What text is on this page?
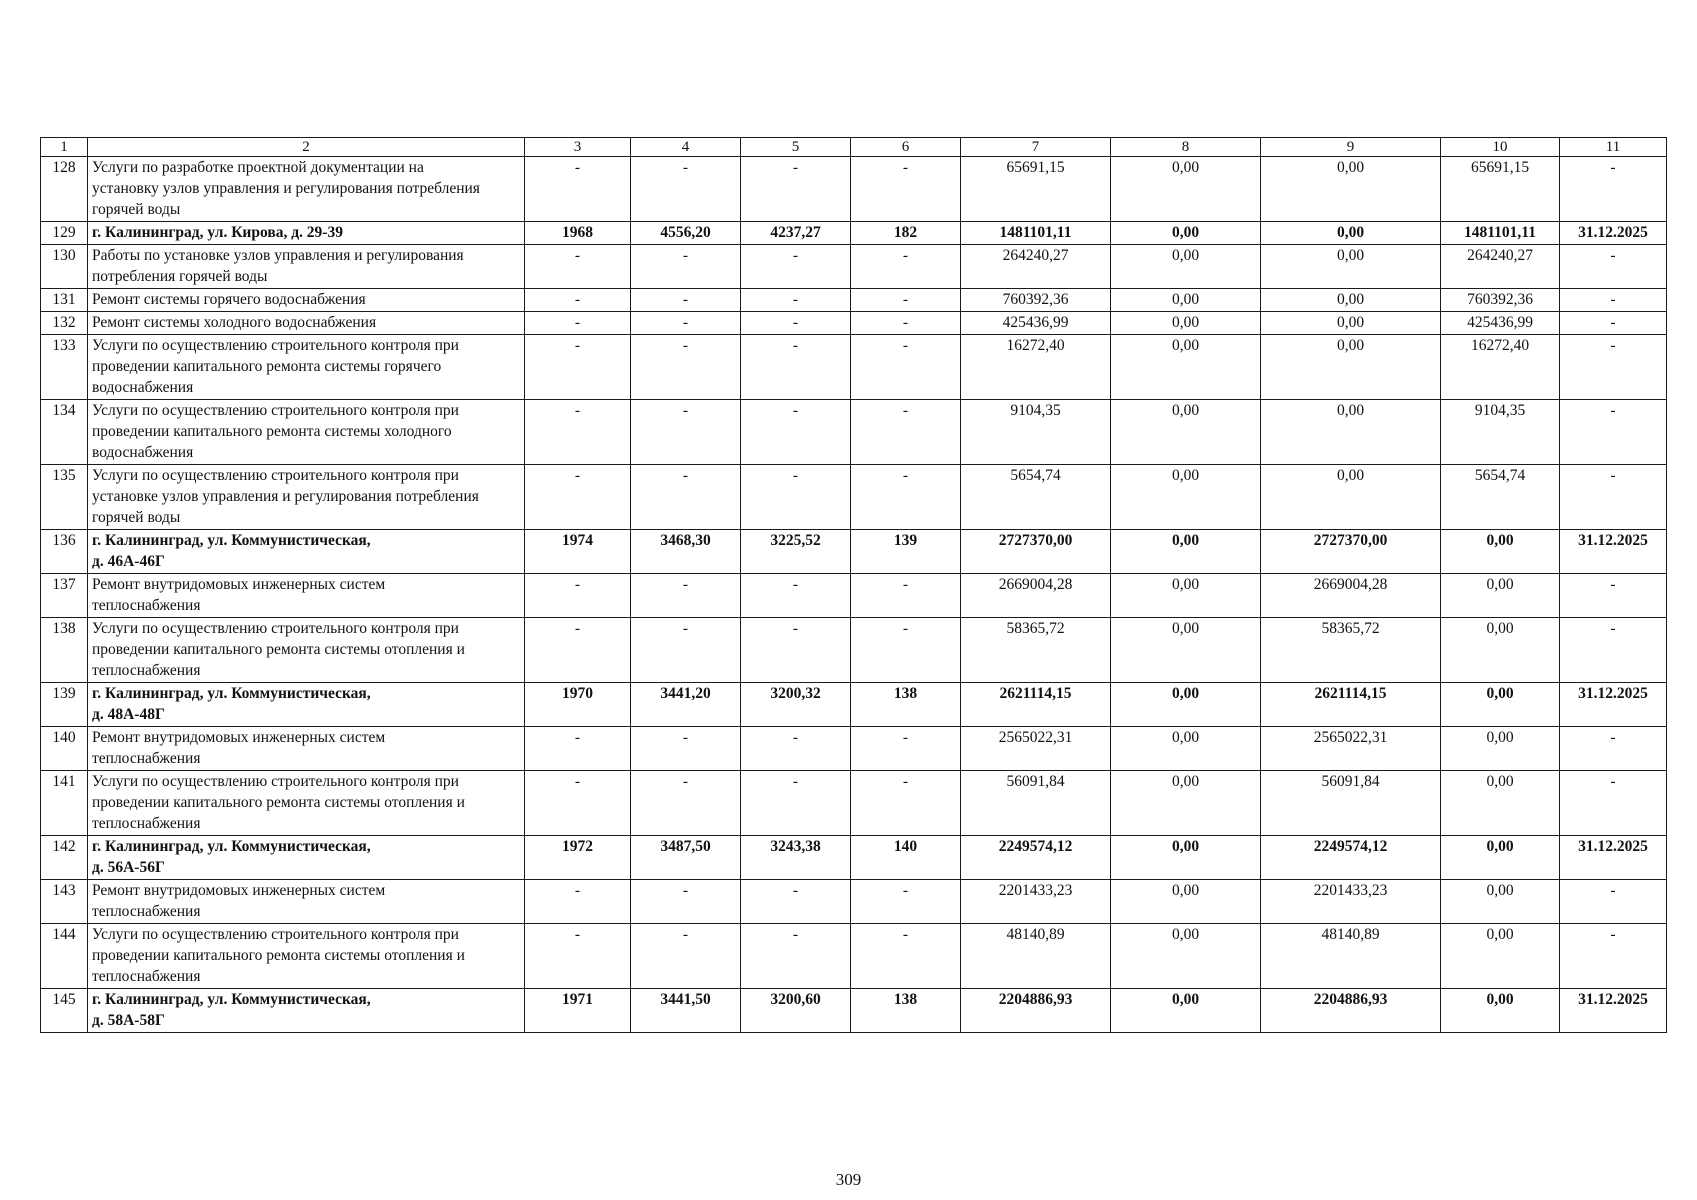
1	2	3	4	5	6	7	8	9	10	11
128	Услуги по разработке проектной документации на
установку узлов управления и регулирования потребления
горячей воды	-	-	-	-	65691,15	0,00	0,00	65691,15	-
129	г. Калининград, ул. Кирова, д. 29-39	1968	4556,20	4237,27	182	1481101,11	0,00	0,00	1481101,11	31.12.2025
130	Работы по установке узлов управления и регулирования
потребления горячей воды	-	-	-	-	264240,27	0,00	0,00	264240,27	-
131	Ремонт системы горячего водоснабжения	-	-	-	-	760392,36	0,00	0,00	760392,36	-
132	Ремонт системы холодного водоснабжения	-	-	-	-	425436,99	0,00	0,00	425436,99	-
133	Услуги по осуществлению строительного контроля при
проведении капитального ремонта системы горячего
водоснабжения	-	-	-	-	16272,40	0,00	0,00	16272,40	-
134	Услуги по осуществлению строительного контроля при
проведении капитального ремонта системы холодного
водоснабжения	-	-	-	-	9104,35	0,00	0,00	9104,35	-
135	Услуги по осуществлению строительного контроля при
установке узлов управления и регулирования потребления
горячей воды	-	-	-	-	5654,74	0,00	0,00	5654,74	-
136	г. Калининград, ул. Коммунистическая,
д. 46А-46Г	1974	3468,30	3225,52	139	2727370,00	0,00	2727370,00	0,00	31.12.2025
137	Ремонт внутридомовых инженерных систем
теплоснабжения	-	-	-	-	2669004,28	0,00	2669004,28	0,00	-
138	Услуги по осуществлению строительного контроля при
проведении капитального ремонта системы отопления и
теплоснабжения	-	-	-	-	58365,72	0,00	58365,72	0,00	-
139	г. Калининград, ул. Коммунистическая,
д. 48А-48Г	1970	3441,20	3200,32	138	2621114,15	0,00	2621114,15	0,00	31.12.2025
140	Ремонт внутридомовых инженерных систем
теплоснабжения	-	-	-	-	2565022,31	0,00	2565022,31	0,00	-
141	Услуги по осуществлению строительного контроля при
проведении капитального ремонта системы отопления и
теплоснабжения	-	-	-	-	56091,84	0,00	56091,84	0,00	-
142	г. Калининград, ул. Коммунистическая,
д. 56А-56Г	1972	3487,50	3243,38	140	2249574,12	0,00	2249574,12	0,00	31.12.2025
143	Ремонт внутридомовых инженерных систем
теплоснабжения	-	-	-	-	2201433,23	0,00	2201433,23	0,00	-
144	Услуги по осуществлению строительного контроля при
проведении капитального ремонта системы отопления и
теплоснабжения	-	-	-	-	48140,89	0,00	48140,89	0,00	-
145	г. Калининград, ул. Коммунистическая,
д. 58А-58Г	1971	3441,50	3200,60	138	2204886,93	0,00	2204886,93	0,00	31.12.2025
309
